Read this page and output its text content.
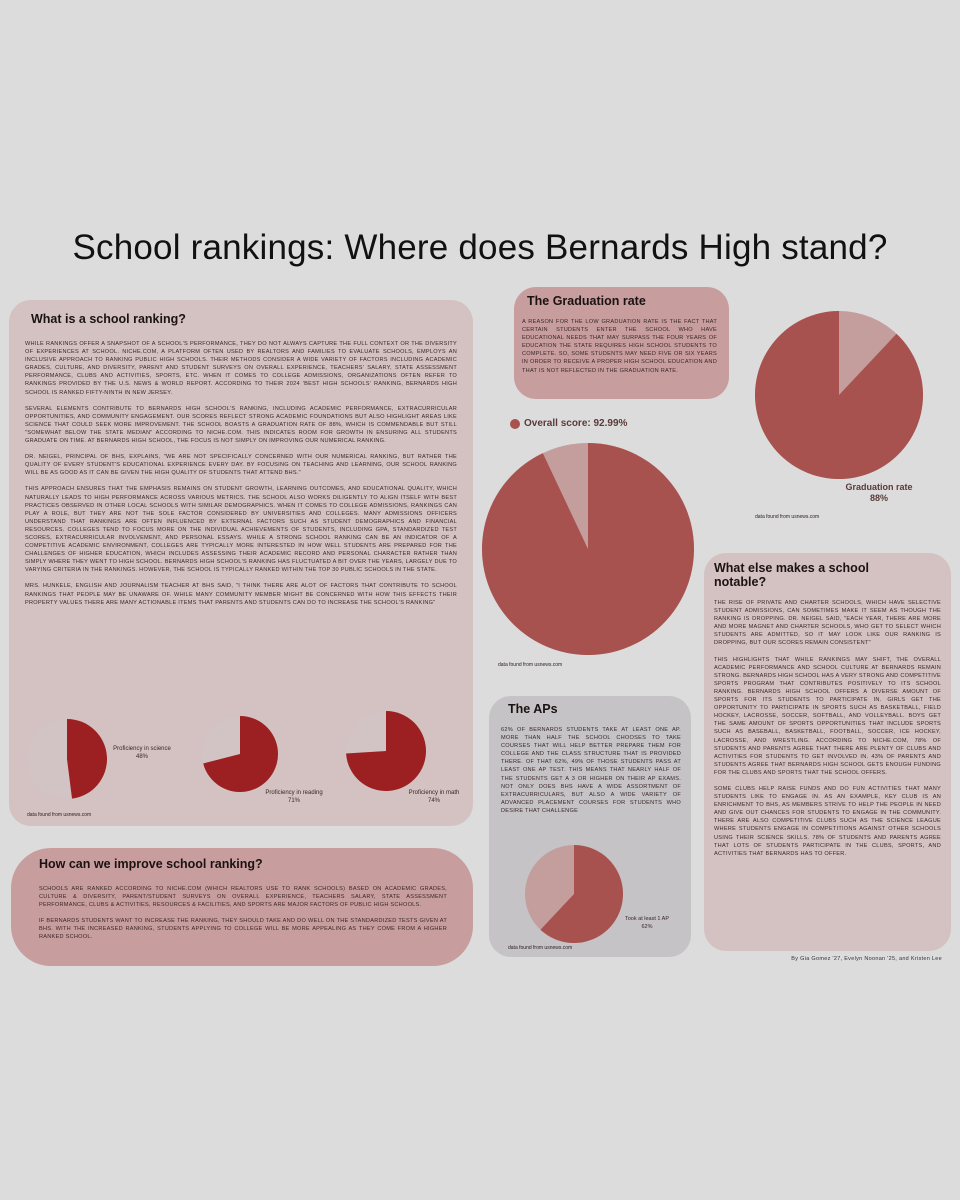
School rankings: Where does Bernards High stand?
What is a school ranking?

WHILE RANKINGS OFFER A SNAPSHOT OF A SCHOOL'S PERFORMANCE, THEY DO NOT ALWAYS CAPTURE THE FULL CONTEXT OR THE DIVERSITY OF EXPERIENCES AT SCHOOL. NICHE.COM, A PLATFORM OFTEN USED BY REALTORS AND FAMILIES TO EVALUATE SCHOOLS, EMPLOYS AN INCLUSIVE APPROACH TO RANKING PUBLIC HIGH SCHOOLS. THEIR METHODS CONSIDER A WIDE VARIETY OF FACTORS INCLUDING ACADEMIC GRADES, CULTURE, AND DIVERSITY, PARENT AND STUDENT SURVEYS ON OVERALL EXPERIENCE, TEACHERS' SALARY, STATE ASSESSMENT PERFORMANCE, CLUBS AND ACTIVITIES, SPORTS, ETC. WHEN IT COMES TO COLLEGE ADMISSIONS, ORGANIZATIONS OFTEN REFER TO RANKINGS PROVIDED BY THE U.S. NEWS & WORLD REPORT. ACCORDING TO THEIR 2024 'BEST HIGH SCHOOLS' RANKING, BERNARDS HIGH SCHOOL IS RANKED FIFTY-NINTH IN NEW JERSEY.

SEVERAL ELEMENTS CONTRIBUTE TO BERNARDS HIGH SCHOOL'S RANKING, INCLUDING ACADEMIC PERFORMANCE, EXTRACURRICULAR OPPORTUNITIES, AND COMMUNITY ENGAGEMENT. OUR SCORES REFLECT STRONG ACADEMIC FOUNDATIONS BUT ALSO HIGHLIGHT AREAS LIKE SCIENCE THAT COULD SEEK MORE IMPROVEMENT. THE SCHOOL BOASTS A GRADUATION RATE OF 88%, WHICH IS COMMENDABLE BUT STILL "SOMEWHAT BELOW THE STATE MEDIAN" ACCORDING TO NICHE.COM. THIS INDICATES ROOM FOR GROWTH IN ENSURING ALL STUDENTS GRADUATE ON TIME. AT BERNARDS HIGH SCHOOL, THE FOCUS IS NOT SIMPLY ON IMPROVING OUR NUMERICAL RANKING.

DR. NEIGEL, PRINCIPAL OF BHS, EXPLAINS, "WE ARE NOT SPECIFICALLY CONCERNED WITH OUR NUMERICAL RANKING, BUT RATHER THE QUALITY OF EVERY STUDENT'S EDUCATIONAL EXPERIENCE EVERY DAY. BY FOCUSING ON TEACHING AND LEARNING, OUR SCHOOL RANKING WILL BE AS GOOD AS IT CAN BE GIVEN THE HIGH QUALITY OF STUDENTS THAT ATTEND BHS."

THIS APPROACH ENSURES THAT THE EMPHASIS REMAINS ON STUDENT GROWTH, LEARNING OUTCOMES, AND EDUCATIONAL QUALITY, WHICH NATURALLY LEADS TO HIGH PERFORMANCE ACROSS VARIOUS METRICS. THE SCHOOL ALSO WORKS DILIGENTLY TO ALIGN ITSELF WITH BEST PRACTICES OBSERVED IN OTHER LOCAL SCHOOLS WITH SIMILAR DEMOGRAPHICS. WHEN IT COMES TO COLLEGE ADMISSIONS, RANKINGS CAN PLAY A ROLE, BUT THEY ARE NOT THE SOLE FACTOR CONSIDERED BY UNIVERSITIES AND COLLEGES. MANY ADMISSIONS OFFICERS UNDERSTAND THAT RANKINGS ARE OFTEN INFLUENCED BY EXTERNAL FACTORS SUCH AS STUDENT DEMOGRAPHICS AND FINANCIAL RESOURCES. COLLEGES TEND TO FOCUS MORE ON THE INDIVIDUAL ACHIEVEMENTS OF STUDENTS, INCLUDING GPA, STANDARDIZED TEST SCORES, EXTRACURRICULAR INVOLVEMENT, AND PERSONAL ESSAYS. WHILE A STRONG SCHOOL RANKING CAN BE AN INDICATOR OF A COMPETITIVE ACADEMIC ENVIRONMENT, COLLEGES ARE TYPICALLY MORE INTERESTED IN HOW WELL STUDENTS ARE PREPARED FOR THE CHALLENGES OF HIGHER EDUCATION, WHICH INCLUDES ASSESSING THEIR ACADEMIC RECORD AND PERSONAL CHARACTER RATHER THAN SIMPLY WHERE THEY WENT TO HIGH SCHOOL. BERNARDS HIGH SCHOOL'S RANKING HAS FLUCTUATED A BIT OVER THE YEARS, LARGELY DUE TO VARYING CRITERIA IN THE RANKINGS. HOWEVER, THE SCHOOL IS TYPICALLY RANKED WITHIN THE TOP 30 PUBLIC SCHOOLS IN THE STATE.

MRS. HUNKELE, ENGLISH AND JOURNALISM TEACHER AT BHS SAID, "I THINK THERE ARE ALOT OF FACTORS THAT CONTRIBUTE TO SCHOOL RANKINGS THAT PEOPLE MAY BE UNAWARE OF. WHILE MANY COMMUNITY MEMBER MIGHT BE CONCERNED WITH HOW THIS EFFECTS THEIR PROPERTY VALUES THERE ARE MANY ACTIONABLE ITEMS THAT PARENTS AND STUDENTS CAN DO TO INCREASE THE SCHOOL'S RANKING"

Proficiency in science
48%
Proficiency in reading
71%
Proficiency in math
74%
data found from usnews.com
How can we improve school ranking?

SCHOOLS ARE RANKED ACCORDING TO NICHE.COM (WHICH REALTORS USE TO RANK SCHOOLS) BASED ON ACADEMIC GRADES, CULTURE & DIVERSITY, PARENT/STUDENT SURVEYS ON OVERALL EXPERIENCE, TEACHERS SALARY, STATE ASSESSMENT PERFORMANCE, CLUBS & ACTIVITIES, RESOURCES & FACILITIES, AND SPORTS ARE MAJOR FACTORS OF PUBLIC HIGH SCHOOLS.

IF BERNARDS STUDENTS WANT TO INCREASE THE RANKING, THEY SHOULD TAKE AND DO WELL ON THE STANDARDIZED TESTS GIVEN AT BHS. WITH THE INCREASED RANKING, STUDENTS APPLYING TO COLLEGE WILL BE MORE APPEALING AS THEY COME FROM A HIGHER RANKED SCHOOL.

The Graduation rate

A REASON FOR THE LOW GRADUATION RATE IS THE FACT THAT CERTAIN STUDENTS ENTER THE SCHOOL WHO HAVE EDUCATIONAL NEEDS THAT MAY SURPASS THE FOUR YEARS OF EDUCATION THE STATE REQUIRES HIGH SCHOOL STUDENTS TO COMPLETE. SO, SOME STUDENTS MAY NEED FIVE OR SIX YEARS IN ORDER TO RECEIVE A PROPER HIGH SCHOOL EDUCATION AND THAT IS NOT REFLECTED IN THE GRADUATION RATE.

Graduation rate
88%
data found from usnews.com
Overall score: 92.99%
data found from usnews.com
The APs

62% OF BERNARDS STUDENTS TAKE AT LEAST ONE AP. MORE THAN HALF THE SCHOOL CHOOSES TO TAKE COURSES THAT WILL HELP BETTER PREPARE THEM FOR COLLEGE AND THE CLASS STRUCTURE THAT IS PROVIDED THERE. OF THAT 62%, 49% OF THOSE STUDENTS PASS AT LEAST ONE AP TEST. THIS MEANS THAT NEARLY HALF OF THE STUDENTS GET A 3 OR HIGHER ON THEIR AP EXAMS. NOT ONLY DOES BHS HAVE A WIDE ASSORTMENT OF EXTRACURRICULARS, BUT ALSO A WIDE VARIETY OF ADVANCED PLACEMENT COURSES FOR STUDENTS WHO DESIRE THAT CHALLENGE

Took at least 1 AP
62%
data found from usnews.com
What else makes a school notable?

THE RISE OF PRIVATE AND CHARTER SCHOOLS, WHICH HAVE SELECTIVE STUDENT ADMISSIONS, CAN SOMETIMES MAKE IT SEEM AS THOUGH THE RANKING IS DROPPING. DR. NEIGEL SAID, "EACH YEAR, THERE ARE MORE AND MORE MAGNET AND CHARTER SCHOOLS, WHO GET TO SELECT WHICH STUDENTS ARE ADMITTED, SO IT MAY LOOK LIKE OUR RANKING IS DROPPING, BUT OUR SCORES REMAIN CONSISTENT"

THIS HIGHLIGHTS THAT WHILE RANKINGS MAY SHIFT, THE OVERALL ACADEMIC PERFORMANCE AND SCHOOL CULTURE AT BERNARDS REMAIN STRONG. BERNARDS HIGH SCHOOL HAS A VERY STRONG AND COMPETITIVE SPORTS PROGRAM THAT CONTRIBUTES POSITIVELY TO ITS SCHOOL RANKING. BERNARDS HIGH SCHOOL OFFERS A DIVERSE AMOUNT OF SPORTS FOR ITS STUDENTS TO PARTICIPATE IN. GIRLS GET THE OPPORTUNITY TO PARTICIPATE IN SPORTS SUCH AS BASKETBALL, FIELD HOCKEY, LACROSSE, SOCCER, SOFTBALL, AND VOLLEYBALL. BOYS GET THE SAME AMOUNT OF SPORTS OPPORTUNITIES THAT INCLUDE SPORTS SUCH AS BASEBALL, BASKETBALL, FOOTBALL, SOCCER, ICE HOCKEY, LACROSSE, AND WRESTLING. ACCORDING TO NICHE.COM, 78% OF STUDENTS AND PARENTS AGREE THAT THERE ARE PLENTY OF CLUBS AND ACTIVITIES FOR STUDENTS TO GET INVOLVED IN. 43% OF PARENTS AND STUDENTS AGREE THAT BERNARDS HIGH SCHOOL GETS ENOUGH FUNDING FOR THE CLUBS AND SPORTS THAT THE SCHOOL OFFERS.

SOME CLUBS HELP RAISE FUNDS AND DO FUN ACTIVITIES THAT MANY STUDENTS LIKE TO ENGAGE IN. AS AN EXAMPLE, KEY CLUB IS AN ENRICHMENT TO BHS, AS MEMBERS STRIVE TO HELP THE PEOPLE IN NEED AND GIVE OUT CHANCES FOR STUDENTS TO ENGAGE IN THE COMMUNITY. THERE ARE ALSO COMPETITIVE CLUBS SUCH AS THE SCIENCE LEAGUE WHERE STUDENTS ENGAGE IN COMPETITIONS AGAINST OTHER SCHOOLS USING THEIR SCIENCE SKILLS. 78% OF STUDENTS AND PARENTS AGREE THAT LOTS OF STUDENTS PARTICIPATE IN THE CLUBS, SPORTS, AND ACTIVITIES THAT BERNARDS HAS TO OFFER.

By Gia Gomez '27, Evelyn Noonan '25, and Kristen Lee
